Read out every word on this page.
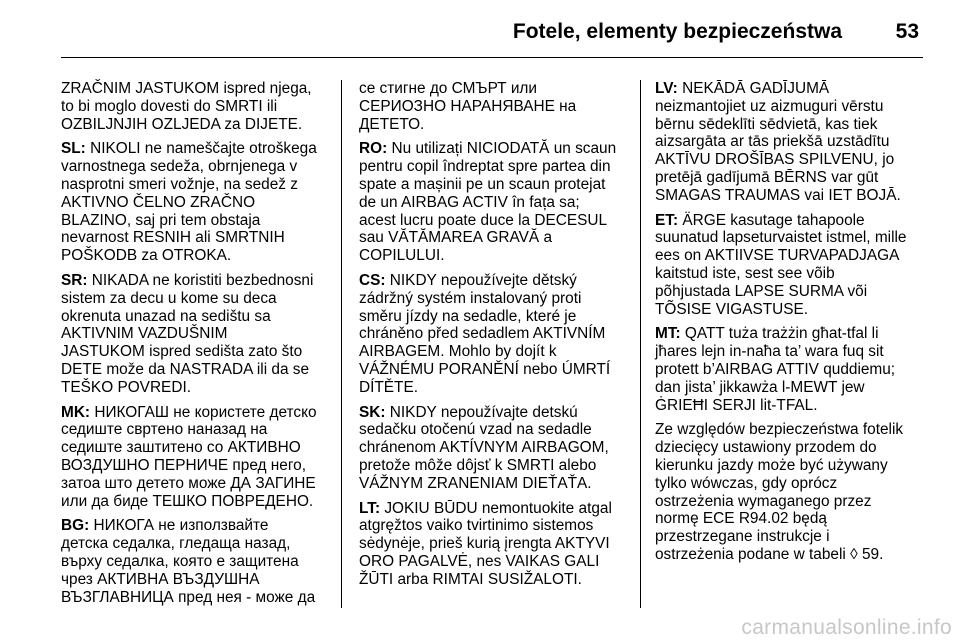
Fotele, elementy bezpieczeństwa	53
ZRAČNIM JASTUKOM ispred njega,
to bi moglo dovesti do SMRTI ili
OZBILJNJIH OZLJEDA za DIJETE.
SL: NIKOLI ne nameščajte otroškega
varnostnega sedeža, obrnjenega v
nasprotni smeri vožnje, na sedež z
AKTIVNO ČELNO ZRAČNO
BLAZINO, saj pri tem obstaja
nevarnost RESNIH ali SMRTNIH
POŠKODB za OTROKA.
SR: NIKADA ne koristiti bezbednosni
sistem za decu u kome su deca
okrenuta unazad na sedištu sa
AKTIVNIM VAZDUŠNIM
JASTUKOM ispred sedišta zato što
DETE može da NASTRADA ili da se
TEŠKO POVREDI.
MK: НИКОГАШ не користете детско
седиште свртено наназад на
седиште заштитено со АКТИВНО
ВОЗДУШНО ПЕРНИЧЕ пред него,
затоа што детето може ДА ЗАГИНЕ
или да биде ТЕШКО ПОВРЕДЕНО.
BG: НИКОГА не използвайте
детска седалка, гледаща назад,
върху седалка, която е защитена
чрез АКТИВНА ВЪЗДУШНА
ВЪЗГЛАВНИЦА пред нея - може да
се стигне до СМЪРТ или
СЕРИОЗНО НАРАНЯВАНЕ на
ДЕТЕТО.
RO: Nu utilizați NICIODATĂ un scaun
pentru copil îndreptat spre partea din
spate a mașinii pe un scaun protejat
de un AIRBAG ACTIV în fața sa;
acest lucru poate duce la DECESUL
sau VĂTĂMAREA GRAVĂ a
COPILULUI.
CS: NIKDY nepoužívejte dětský
zádržný systém instalovaný proti
směru jízdy na sedadle, které je
chráněno před sedadlem AKTIVNÍM
AIRBAGEM. Mohlo by dojít k
VÁŽNÉMU PORANĚNÍ nebo ÚMRTÍ
DÍTĚTE.
SK: NIKDY nepoužívajte detskú
sedačku otočenú vzad na sedadle
chránenom AKTÍVNYM AIRBAGOM,
pretože môže dôjsť k SMRTI alebo
VÁŽNYM ZRANENIAM DIEŤAŤA.
LT: JOKIU BŪDU nemontuokite atgal
atgręžtos vaiko tvirtinimo sistemos
sėdynėje, prieš kurią įrengta AKTYVI
ORO PAGALVĖ, nes VAIKAS GALI
ŽŪTI arba RIMTAI SUSIŽALOTI.
LV: NEKĀDĀ GADĪJUMĀ
neizmantojiet uz aizmuguri vērstu
bērnu sēdeklīti sēdvietā, kas tiek
aizsargāta ar tās priekšā uzstādītu
AKTĪVU DROŠĪBAS SPILVENU, jo
pretējā gadījumā BĒRNS var gūt
SMAGAS TRAUMAS vai IET BOJĀ.
ET: ÄRGE kasutage tahapoole
suunatud lapseturvaistet istmel, mille
ees on AKTIIVSE TURVAPADJAGA
kaitstud iste, sest see võib
põhjustada LAPSE SURMA või
TÕSISE VIGASTUSE.
MT: QATT tuża trażżin għat-tfal li
jħares lejn in-naħa ta’ wara fuq sit
protett b’AIRBAG ATTIV quddiemu;
dan jista’ jikkawża l-MEWT jew
ĠRIEĦI SERJI lit-TFAL.
Ze względów bezpieczeństwa fotelik
dziecięcy ustawiony przodem do
kierunku jazdy może być używany
tylko wówczas, gdy oprócz
ostrzeżenia wymaganego przez
normę ECE R94.02 będą
przestrzegane instrukcje i
ostrzeżenia podane w tabeli ◊ 59.
carmanualsonline.info
